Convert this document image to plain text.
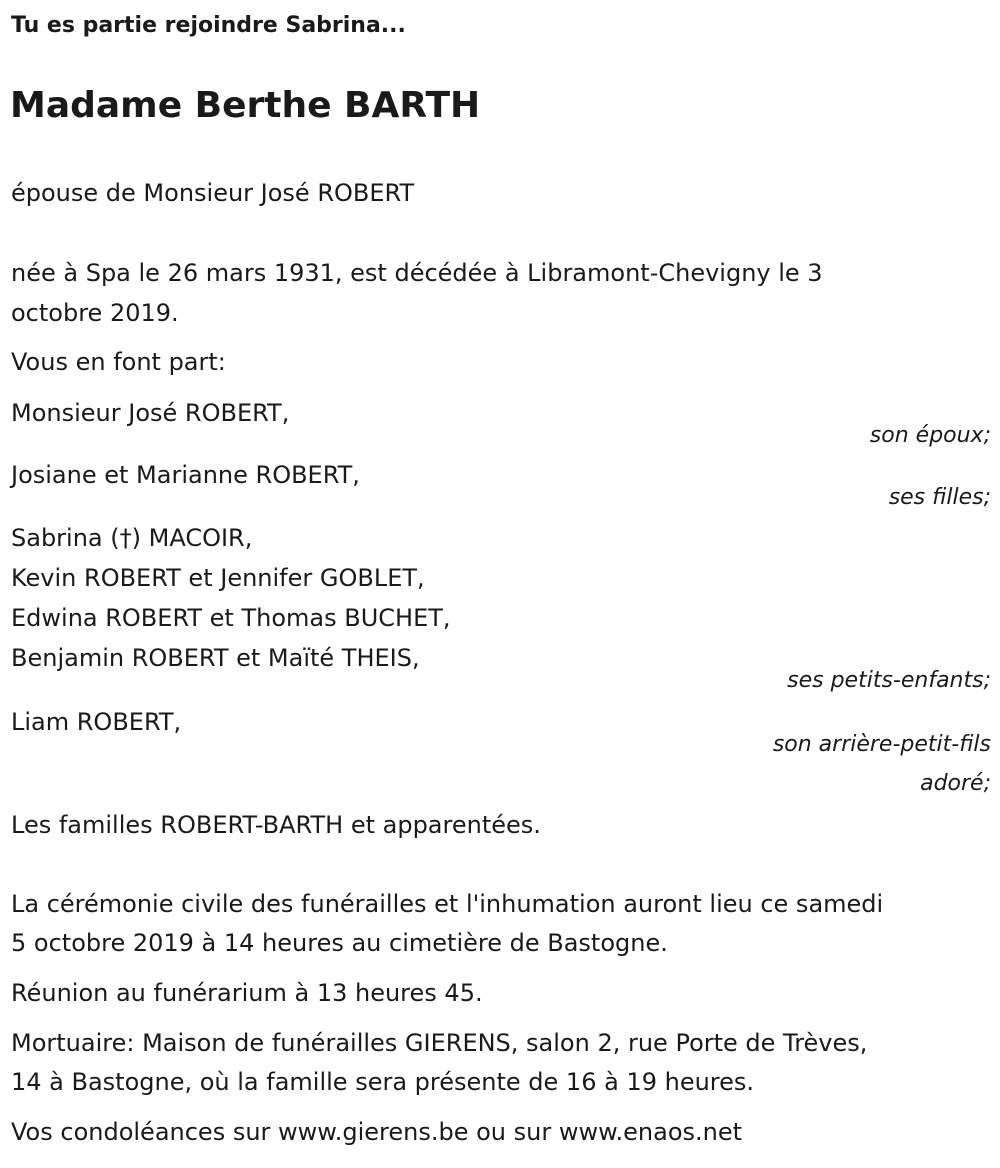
Tu es partie rejoindre Sabrina...
Madame Berthe BARTH
épouse de Monsieur José ROBERT
née à Spa le 26 mars 1931, est décédée à Libramont-Chevigny le 3
octobre 2019.
Vous en font part:
Monsieur José ROBERT,
son époux;
Josiane et Marianne ROBERT,
ses filles;
Sabrina (†) MACOIR,
Kevin ROBERT et Jennifer GOBLET,
Edwina ROBERT et Thomas BUCHET,
Benjamin ROBERT et Maïté THEIS,
ses petits-enfants;
Liam ROBERT,
son arrière-petit-fils
adoré;
Les familles ROBERT-BARTH et apparentées.
La cérémonie civile des funérailles et l'inhumation auront lieu ce samedi
5 octobre 2019 à 14 heures au cimetière de Bastogne.
Réunion au funérarium à 13 heures 45.
Mortuaire: Maison de funérailles GIERENS, salon 2, rue Porte de Trèves,
14 à Bastogne, où la famille sera présente de 16 à 19 heures.
Vos condoléances sur www.gierens.be ou sur www.enaos.net
